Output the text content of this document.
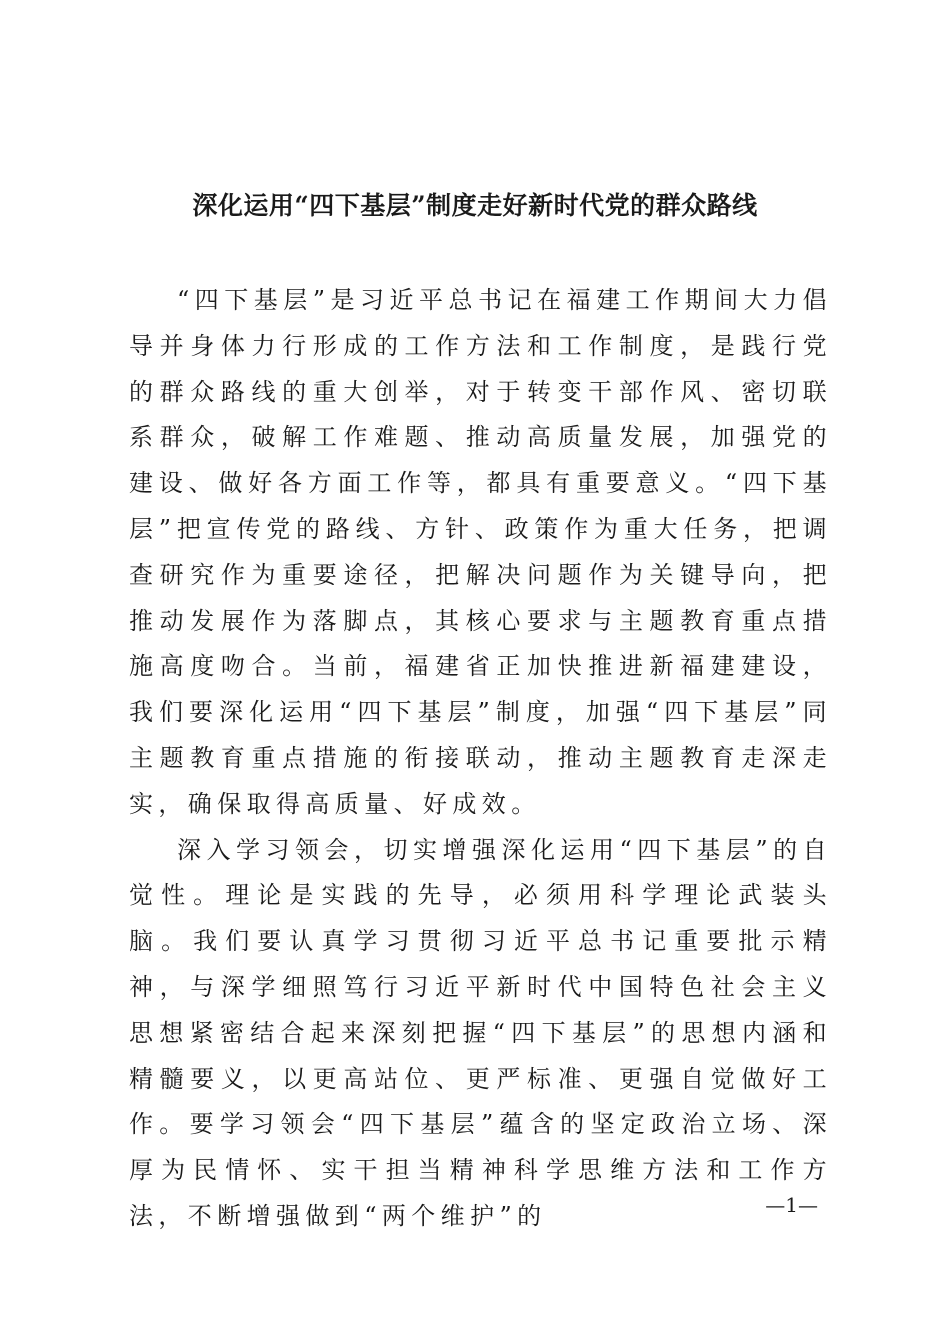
深化运用“四下基层”制度走好新时代党的群众路线

“四下基层”是习近平总书记在福建工作期间大力倡导并身体力行形成的工作方法和工作制度，是践行党的群众路线的重大创举，对于转变干部作风、密切联系群众，破解工作难题、推动高质量发展，加强党的建设、做好各方面工作等，都具有重要意义。“四下基层”把宣传党的路线、方针、政策作为重大任务，把调查研究作为重要途径，把解决问题作为关键导向，把推动发展作为落脚点，其核心要求与主题教育重点措施高度吻合。当前，福建省正加快推进新福建建设，我们要深化运用“四下基层”制度，加强“四下基层”同主题教育重点措施的衔接联动，推动主题教育走深走实，确保取得高质量、好成效。

深入学习领会，切实增强深化运用“四下基层”的自觉性。理论是实践的先导，必须用科学理论武装头脑。我们要认真学习贯彻习近平总书记重要批示精神，与深学细照笃行习近平新时代中国特色社会主义思想紧密结合起来深刻把握“四下基层”的思想内涵和精髓要义，以更高站位、更严标准、更强自觉做好工作。要学习领会“四下基层”蕴含的坚定政治立场、深厚为民情怀、实干担当精神科学思维方法和工作方法，不断增强做到“两个维护”的	—1—
